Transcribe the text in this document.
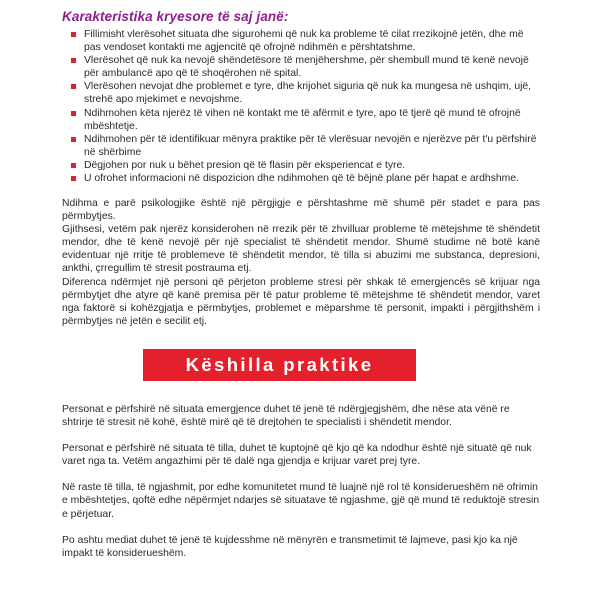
Karakteristika kryesore të saj janë:
Fillimisht vlerësohet situata dhe sigurohemi që nuk ka probleme të cilat rrezikojnë jetën, dhe më pas vendoset kontakti me agjencitë që ofrojnë ndihmën e përshtatshme.
Vlerësohet që nuk ka nevojë shëndetësore të menjëhershme, për shembull mund të kenë nevojë për ambulancë apo që të shoqërohen në spital.
Vlerësohen nevojat dhe problemet e tyre, dhe krijohet siguria që nuk ka mungesa në ushqim, ujë, strehë apo mjekimet e nevojshme.
Ndihmohen këta njerëz të vihen në kontakt me të afërmit e tyre, apo të tjerë që mund të ofrojnë mbështetje.
Ndihmohen për të identifikuar mënyra praktike për të vlerësuar nevojën e njerëzve për t'u përfshirë në shërbime
Dëgjohen por nuk u bëhet presion që të flasin për eksperiencat e tyre.
U ofrohet informacioni në dispozicion dhe ndihmohen që të bëjnë plane për hapat e ardhshme.

Ndihma e parë psikologjike është një përgjigje e përshtashme më shumë për stadet e para pas përmbytjes.

Gjithsesi, vetëm pak njerëz konsiderohen në rrezik për të zhvilluar probleme të mëtejshme të shëndetit mendor, dhe të kenë nevojë për një specialist të shëndetit mendor. Shumë studime në botë kanë evidentuar një rritje të problemeve të shëndetit mendor, të tilla si abuzimi me substanca, depresioni, ankthi, çrregullim të stresit postrauma etj.

Diferenca ndërmjet një personi që përjeton probleme stresi për shkak të emergjencës së krijuar nga përmbytjet dhe atyre që kanë premisa për të patur probleme të mëtejshme të shëndetit mendor, varet nga faktorë si kohëzgjatja e përmbytjes, problemet e mëparshme të personit, impakti i përgjithshëm i përmbytjes në jetën e secilit etj.

Këshilla praktike

Personat e përfshirë në situata emergjence duhet të jenë të ndërgjegjshëm, dhe nëse ata vënë re shtrirje të stresit në kohë, është mirë që të drejtohen te specialisti i shëndetit mendor.

Personat e përfshirë në situata të tilla, duhet të kuptojnë që kjo që ka ndodhur është një situatë që nuk varet nga ta. Vetëm angazhimi për të dalë nga gjendja e krijuar varet prej tyre.

Në raste të tilla, të ngjashmit, por edhe komunitetet mund të luajnë një rol të konsiderueshëm në ofrimin e mbështetjes, qoftë edhe nëpërmjet ndarjes së situatave të ngjashme, gjë që mund të reduktojë stresin e përjetuar.

Po ashtu mediat duhet të jenë të kujdesshme në mënyrën e transmetimit të lajmeve, pasi kjo ka një impakt të konsiderueshëm.
